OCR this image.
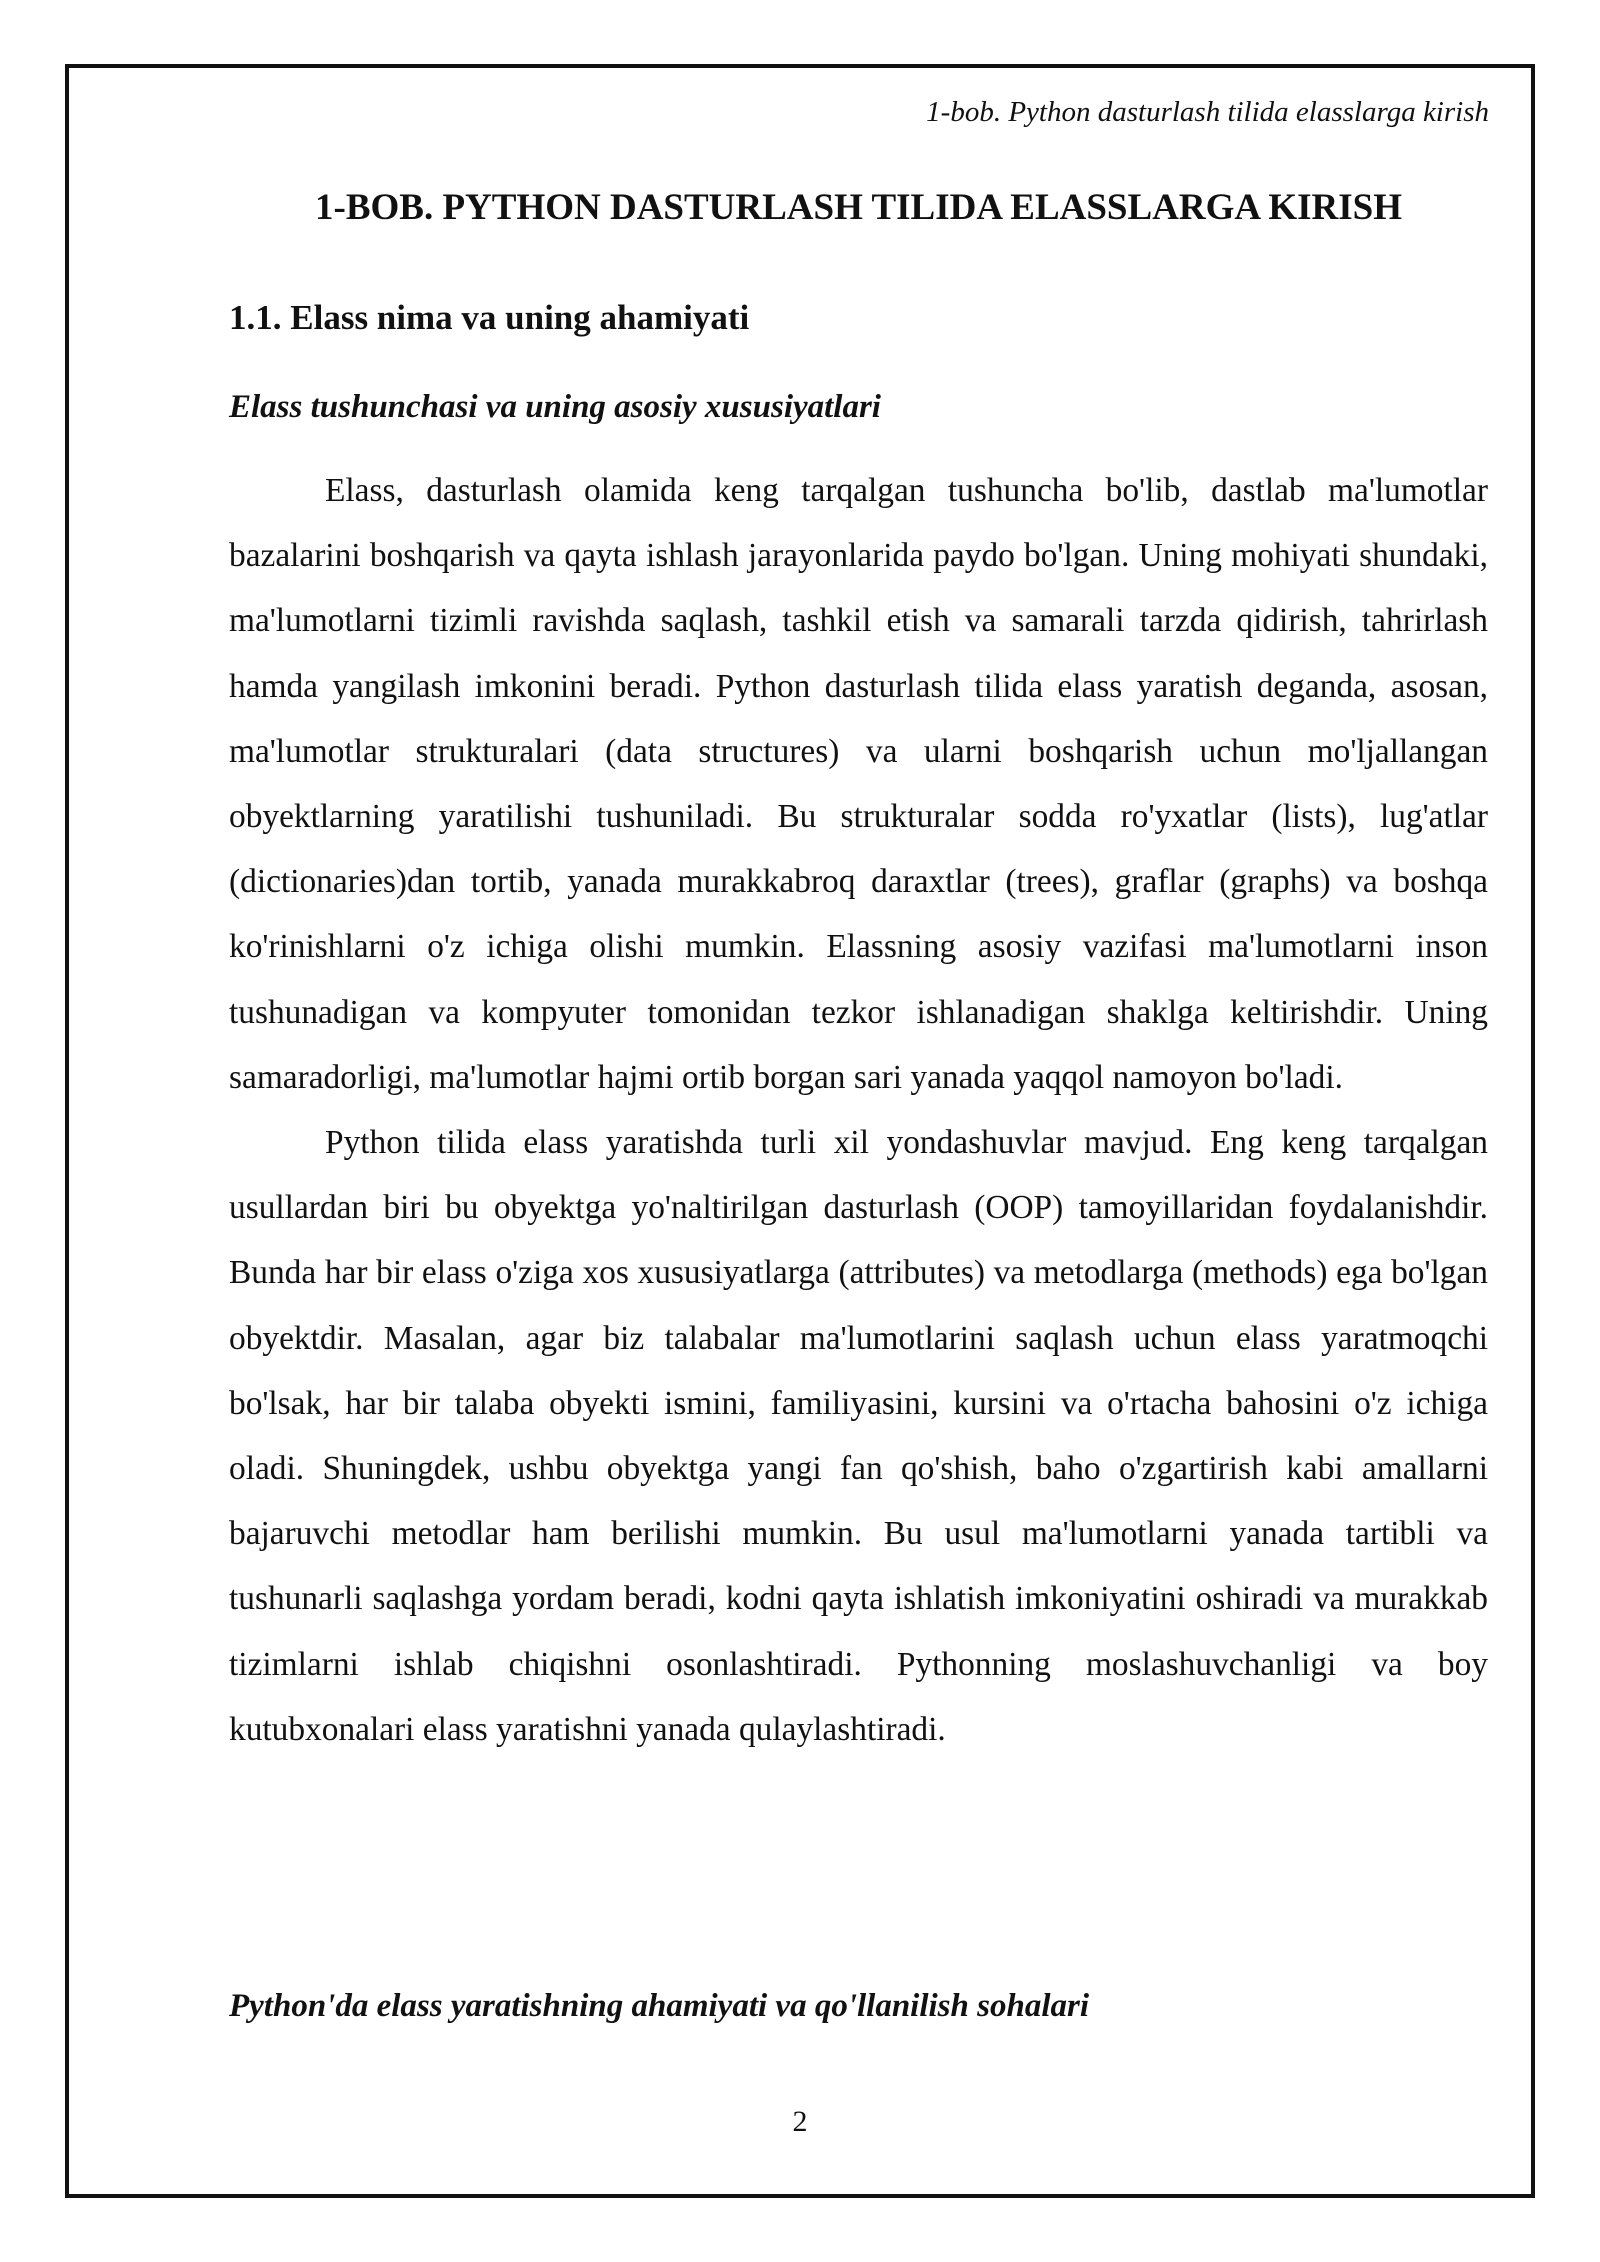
1-bob. Python dasturlash tilida elasslarga kirish
1-BOB. PYTHON DASTURLASH TILIDA ELASSLARGA KIRISH
1.1. Elass nima va uning ahamiyati
Elass tushunchasi va uning asosiy xususiyatlari

Elass, dasturlash olamida keng tarqalgan tushuncha bo'lib, dastlab ma'lumotlar bazalarini boshqarish va qayta ishlash jarayonlarida paydo bo'lgan. Uning mohiyati shundaki, ma'lumotlarni tizimli ravishda saqlash, tashkil etish va samarali tarzda qidirish, tahrirlash hamda yangilash imkonini beradi. Python dasturlash tilida elass yaratish deganda, asosan, ma'lumotlar strukturalari (data structures) va ularni boshqarish uchun mo'ljallangan obyektlarning yaratilishi tushuniladi. Bu strukturalar sodda ro'yxatlar (lists), lug'atlar (dictionaries)dan tortib, yanada murakkabroq daraxtlar (trees), graflar (graphs) va boshqa ko'rinishlarni o'z ichiga olishi mumkin. Elassning asosiy vazifasi ma'lumotlarni inson tushunadigan va kompyuter tomonidan tezkor ishlanadigan shaklga keltirishdir. Uning samaradorligi, ma'lumotlar hajmi ortib borgan sari yanada yaqqol namoyon bo'ladi.

Python tilida elass yaratishda turli xil yondashuvlar mavjud. Eng keng tarqalgan usullardan biri bu obyektga yo'naltirilgan dasturlash (OOP) tamoyillaridan foydalanishdir. Bunda har bir elass o'ziga xos xususiyatlarga (attributes) va metodlarga (methods) ega bo'lgan obyektdir. Masalan, agar biz talabalar ma'lumotlarini saqlash uchun elass yaratmoqchi bo'lsak, har bir talaba obyekti ismini, familiyasini, kursini va o'rtacha bahosini o'z ichiga oladi. Shuningdek, ushbu obyektga yangi fan qo'shish, baho o'zgartirish kabi amallarni bajaruvchi metodlar ham berilishi mumkin. Bu usul ma'lumotlarni yanada tartibli va tushunarli saqlashga yordam beradi, kodni qayta ishlatish imkoniyatini oshiradi va murakkab tizimlarni ishlab chiqishni osonlashtiradi. Pythonning moslashuvchanligi va boy kutubxonalari elass yaratishni yanada qulaylashtiradi.

Python'da elass yaratishning ahamiyati va qo'llanilish sohalari
2
